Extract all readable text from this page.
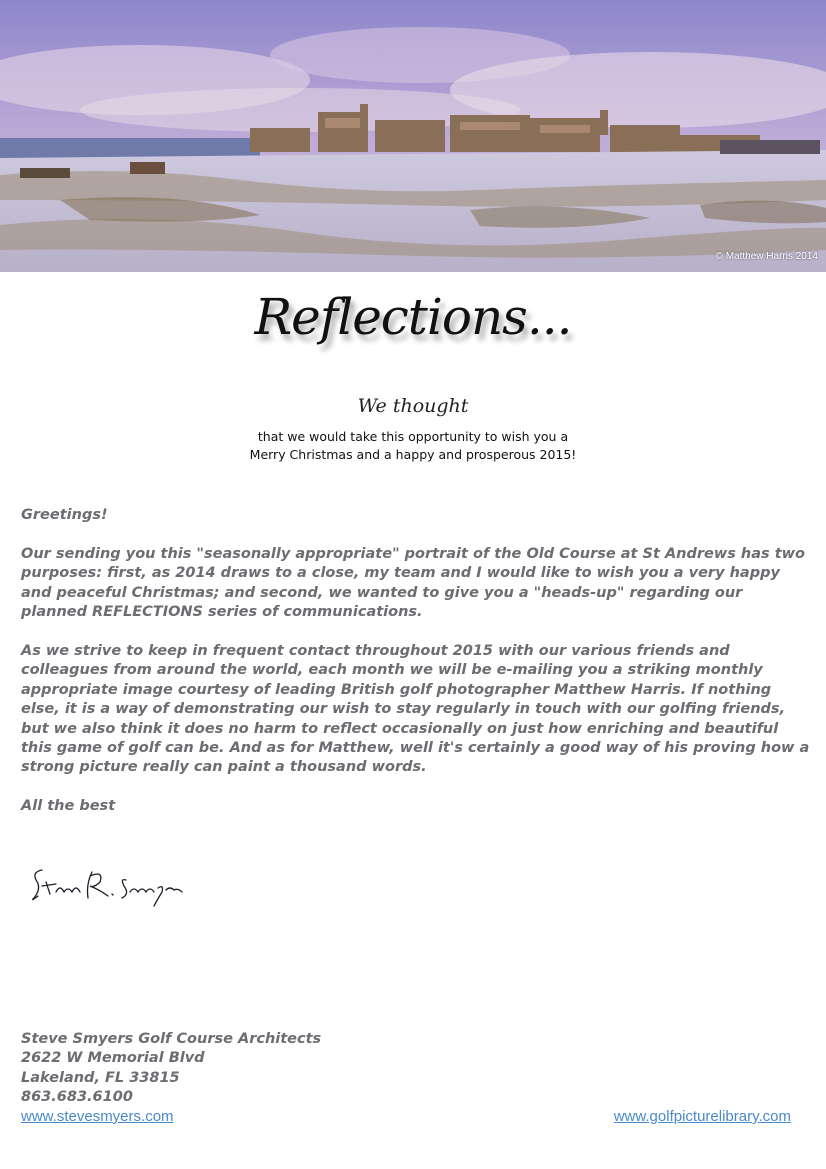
© Matthew Harris 2014
Reflections...
We thought
that we would take this opportunity to wish you a
Merry Christmas and a happy and prosperous 2015!

Greetings!

Our sending you this "seasonally appropriate" portrait of the Old Course at St Andrews has two purposes: first, as 2014 draws to a close, my team and I would like to wish you a very happy and peaceful Christmas; and second, we wanted to give you a "heads-up" regarding our planned REFLECTIONS series of communications.

As we strive to keep in frequent contact throughout 2015 with our various friends and colleagues from around the world, each month we will be e-mailing you a striking monthly appropriate image courtesy of leading British golf photographer Matthew Harris. If nothing else, it is a way of demonstrating our wish to stay regularly in touch with our golfing friends, but we also think it does no harm to reflect occasionally on just how enriching and beautiful this game of golf can be. And as for Matthew, well it's certainly a good way of his proving how a strong picture really can paint a thousand words.

All the best

Steve Smyers Golf Course Architects
2622 W Memorial Blvd
Lakeland, FL 33815
863.683.6100
www.stevesmyers.com	www.golfpicturelibrary.com
